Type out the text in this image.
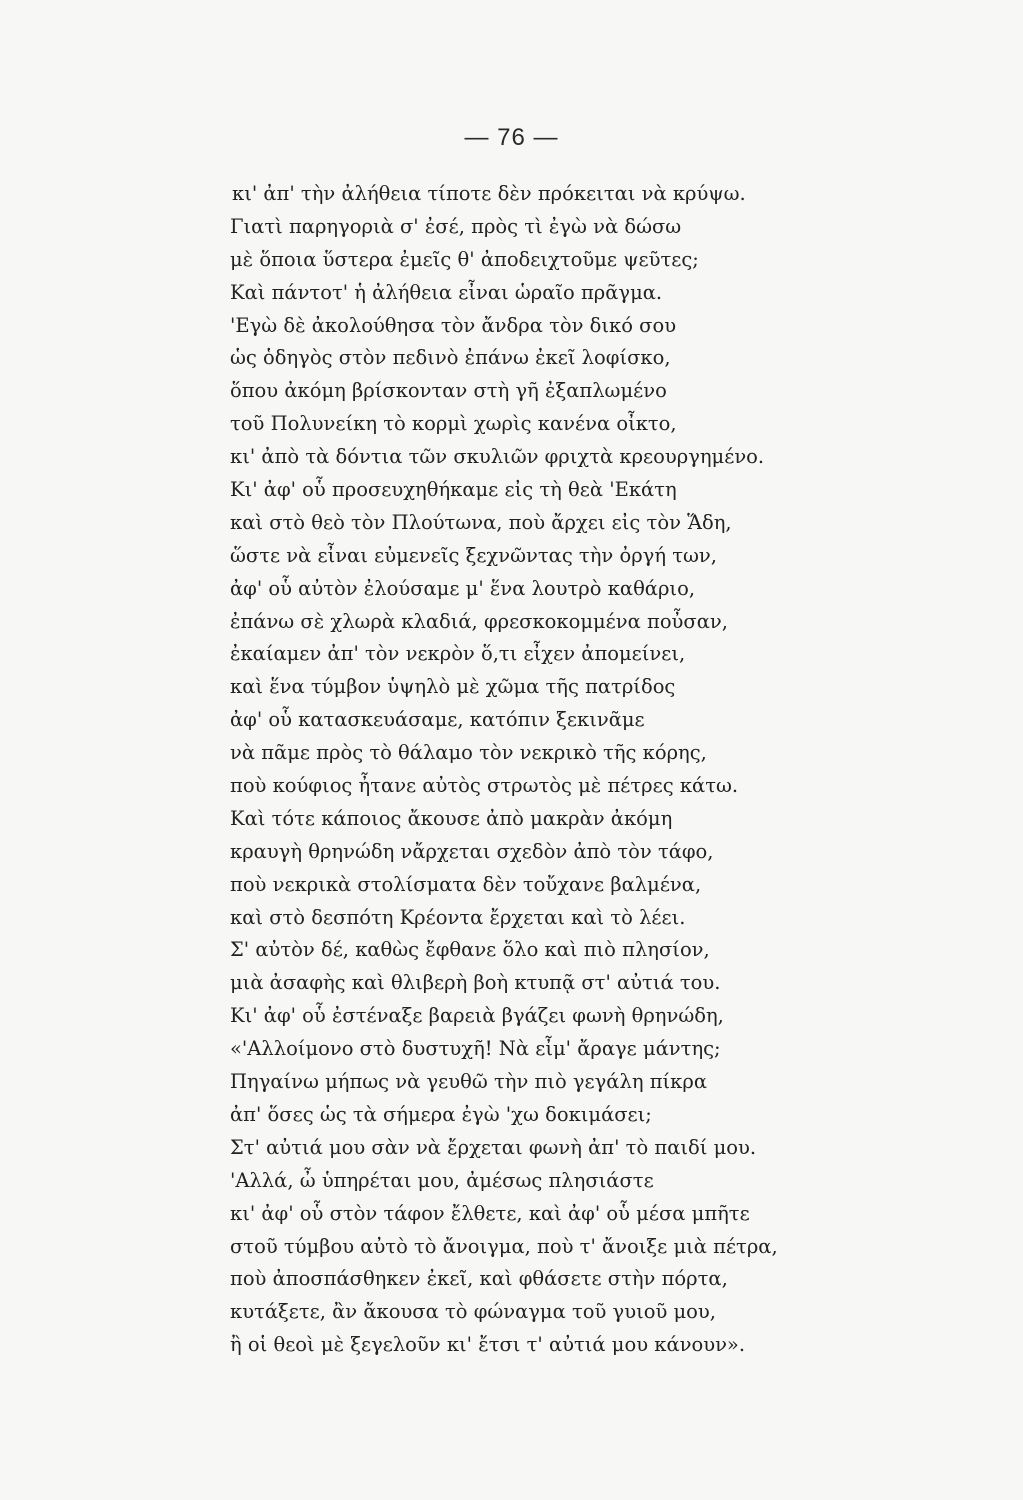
— 76 —
κι' ἀπ' τὴν ἀλήθεια τίποτε δὲν πρόκειται νὰ κρύψω.
Γιατὶ παρηγοριὰ σ' ἐσέ, πρὸς τὶ ἐγὼ νὰ δώσω
μὲ ὅποια ὕστερα ἐμεῖς θ' ἀποδειχτοῦμε ψεῦτες;
Καὶ πάντοτ' ἡ ἀλήθεια εἶναι ὡραῖο πρᾶγμα.
'Εγὼ δὲ ἀκολούθησα τὸν ἄνδρα τὸν δικό σου
ὡς ὁδηγὸς στὸν πεδινὸ ἐπάνω ἐκεῖ λοφίσκο,
ὅπου ἀκόμη βρίσκονταν στὴ γῆ ἐξαπλωμένο
τοῦ Πολυνείκη τὸ κορμὶ χωρὶς κανένα οἶκτο,
κι' ἀπὸ τὰ δόντια τῶν σκυλιῶν φριχτὰ κρεουργημένο.
Κι' ἀφ' οὗ προσευχηθήκαμε εἰς τὴ θεὰ 'Εκάτη
καὶ στὸ θεὸ τὸν Πλούτωνα, ποὺ ἄρχει εἰς τὸν Ἅδη,
ὥστε νὰ εἶναι εὐμενεῖς ξεχνῶντας τὴν ὀργή των,
ἀφ' οὗ αὐτὸν ἐλούσαμε μ' ἕνα λουτρὸ καθάριο,
ἐπάνω σὲ χλωρὰ κλαδιά, φρεσκοκομμένα ποὖσαν,
ἐκαίαμεν ἀπ' τὸν νεκρὸν ὅ,τι εἶχεν ἀπομείνει,
καὶ ἕνα τύμβον ὑψηλὸ μὲ χῶμα τῆς πατρίδος
ἀφ' οὗ κατασκευάσαμε, κατόπιν ξεκινᾶμε
νὰ πᾶμε πρὸς τὸ θάλαμο τὸν νεκρικὸ τῆς κόρης,
ποὺ κούφιος ἦτανε αὐτὸς στρωτὸς μὲ πέτρες κάτω.
Καὶ τότε κάποιος ἄκουσε ἀπὸ μακρὰν ἀκόμη
κραυγὴ θρηνώδη νἄρχεται σχεδὸν ἀπὸ τὸν τάφο,
ποὺ νεκρικὰ στολίσματα δὲν τοὔχανε βαλμένα,
καὶ στὸ δεσπότη Κρέοντα ἔρχεται καὶ τὸ λέει.
Σ' αὐτὸν δέ, καθὼς ἔφθανε ὅλο καὶ πιὸ πλησίον,
μιὰ ἀσαφὴς καὶ θλιβερὴ βοὴ κτυπᾷ στ' αὐτιά του.
Κι' ἀφ' οὗ ἐστέναξε βαρειὰ βγάζει φωνὴ θρηνώδη,
«'Αλλοίμονο στὸ δυστυχῆ! Νὰ εἶμ' ἄραγε μάντης;
Πηγαίνω μήπως νὰ γευθῶ τὴν πιὸ γεγάλη πίκρα
ἀπ' ὅσες ὡς τὰ σήμερα ἐγὼ 'χω δοκιμάσει;
Στ' αὐτιά μου σὰν νὰ ἔρχεται φωνὴ ἀπ' τὸ παιδί μου.
'Αλλά, ὦ ὑπηρέται μου, ἀμέσως πλησιάστε
κι' ἀφ' οὗ στὸν τάφον ἔλθετε, καὶ ἀφ' οὗ μέσα μπῆτε
στοῦ τύμβου αὐτὸ τὸ ἄνοιγμα, ποὺ τ' ἄνοιξε μιὰ πέτρα,
ποὺ ἀποσπάσθηκεν ἐκεῖ, καὶ φθάσετε στὴν πόρτα,
κυτάξετε, ἂν ἄκουσα τὸ φώναγμα τοῦ γυιοῦ μου,
ἢ οἱ θεοὶ μὲ ξεγελοῦν κι' ἔτσι τ' αὐτιά μου κάνουν».
